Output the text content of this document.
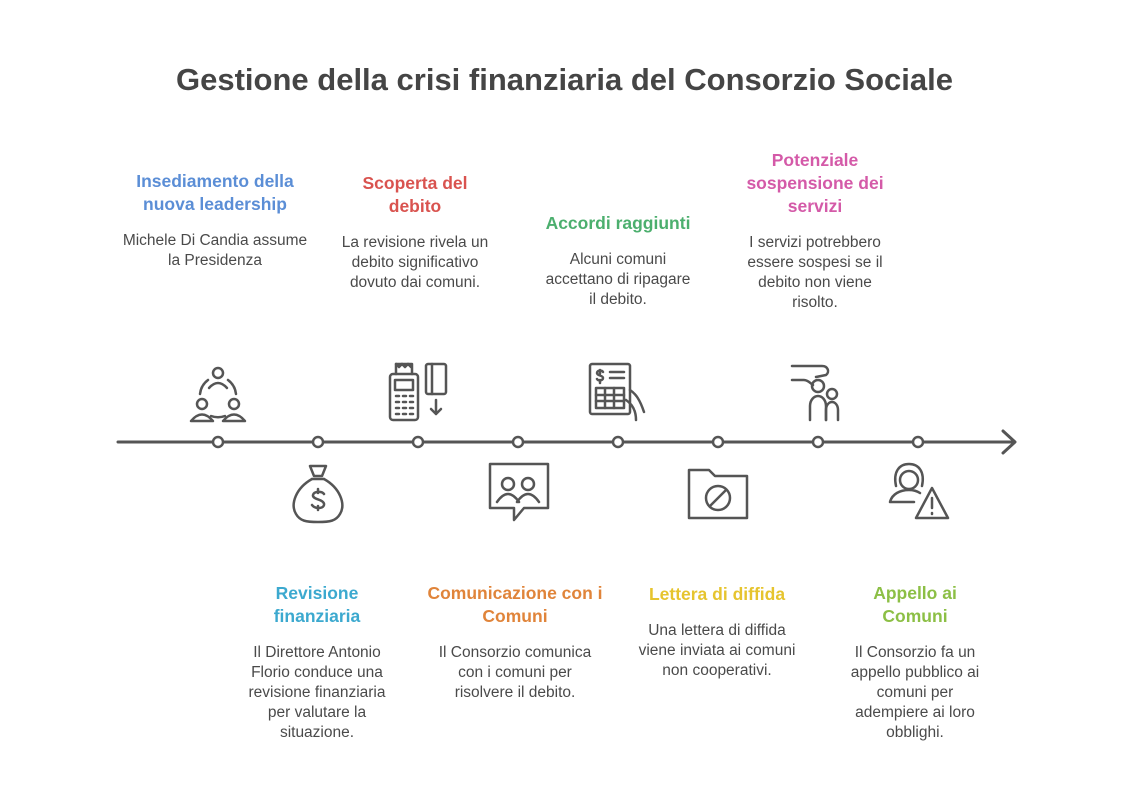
Gestione della crisi finanziaria del Consorzio Sociale
Insediamento della nuova leadership
Michele Di Candia assume la Presidenza
Scoperta del debito
La revisione rivela un debito significativo dovuto dai comuni.
Accordi raggiunti
Alcuni comuni accettano di ripagare il debito.
Potenziale sospensione dei servizi
I servizi potrebbero essere sospesi se il debito non viene risolto.
Revisione finanziaria
Il Direttore Antonio Florio conduce una revisione finanziaria per valutare la situazione.
Comunicazione con i Comuni
Il Consorzio comunica con i comuni per risolvere il debito.
Lettera di diffida
Una lettera di diffida viene inviata ai comuni non cooperativi.
Appello ai Comuni
Il Consorzio fa un appello pubblico ai comuni per adempiere ai loro obblighi.
